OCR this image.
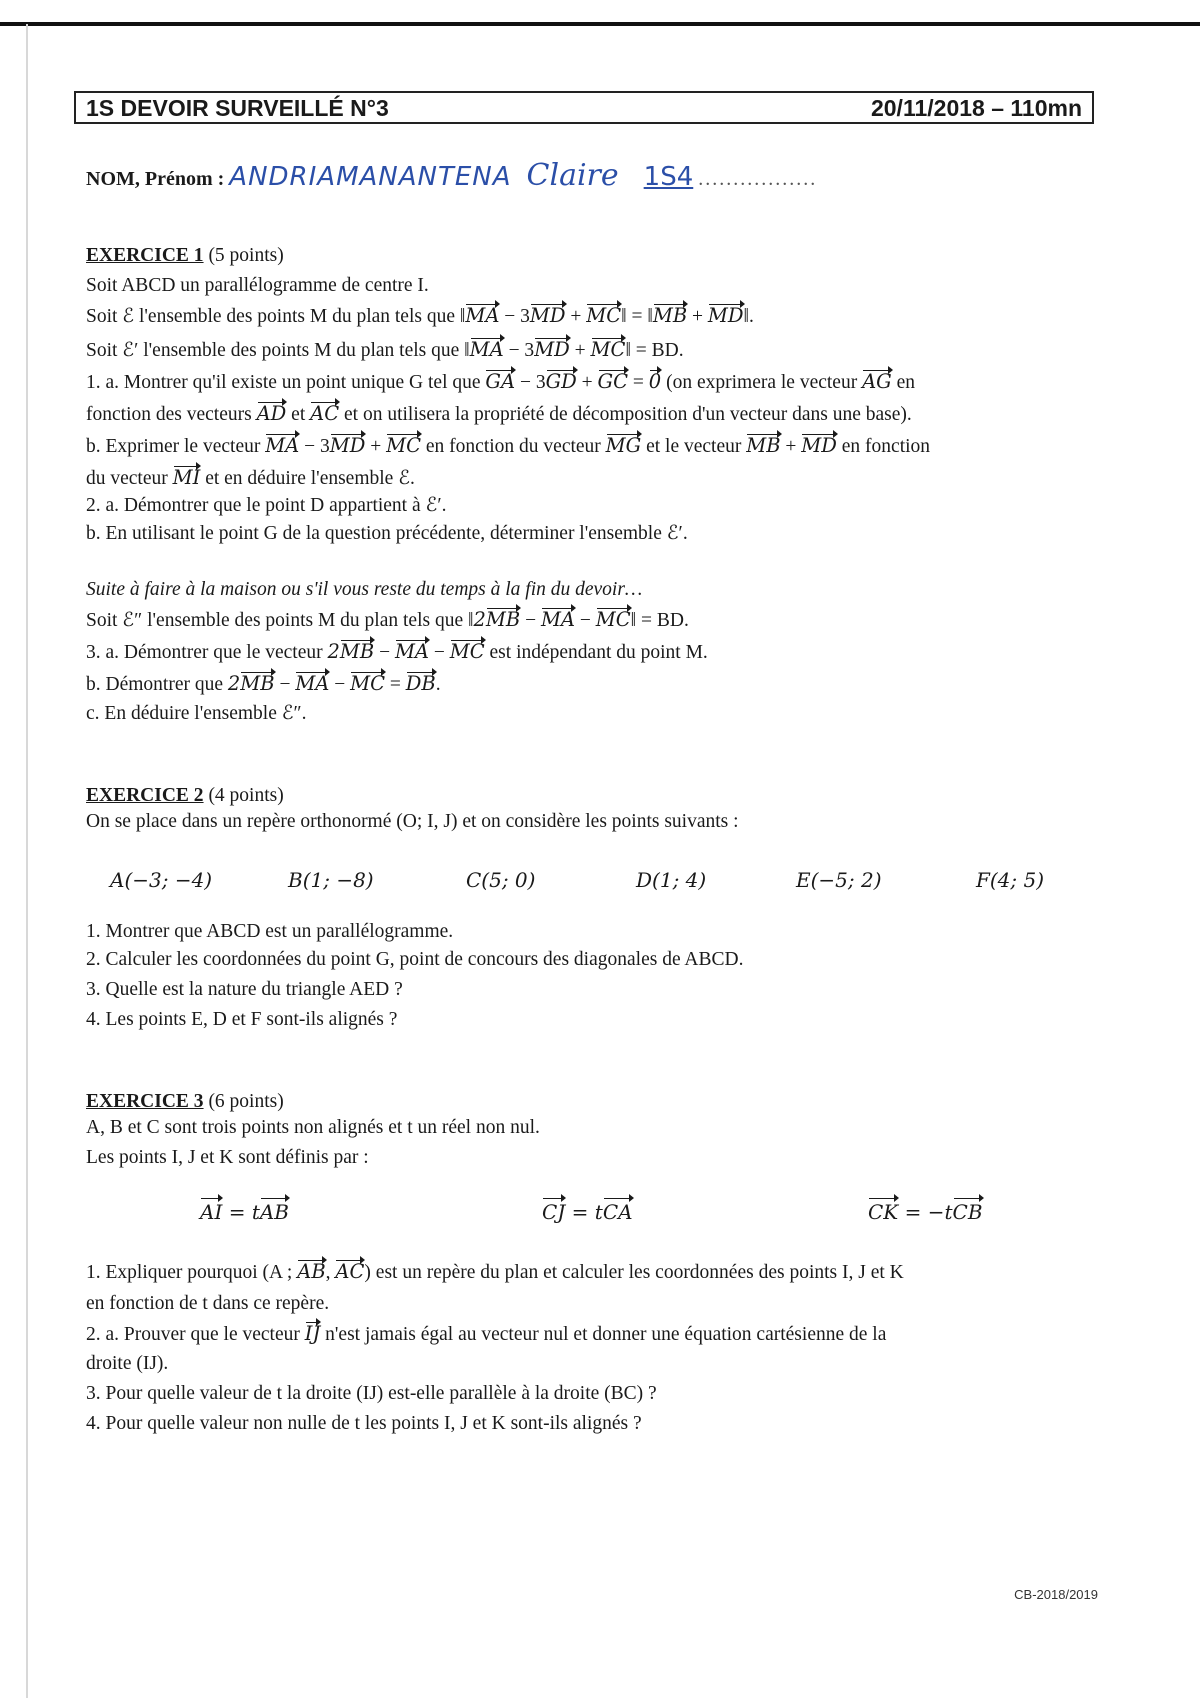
1S DEVOIR SURVEILLÉ N°3	20/11/2018 – 110mn
NOM, Prénom : ANDRIAMANANTENA Claire 1S4 .................
EXERCICE 1 (5 points)
Soit ABCD un parallélogramme de centre I.
Soit ℰ l'ensemble des points M du plan tels que ‖MA − 3MD + MC‖ = ‖MB + MD‖.
Soit ℰ′ l'ensemble des points M du plan tels que ‖MA − 3MD + MC‖ = BD.
1. a. Montrer qu'il existe un point unique G tel que GA − 3GD + GC = 0 (on exprimera le vecteur AG en
fonction des vecteurs AD et AC et on utilisera la propriété de décomposition d'un vecteur dans une base).
b. Exprimer le vecteur MA − 3MD + MC en fonction du vecteur MG et le vecteur MB + MD en fonction
du vecteur MI et en déduire l'ensemble ℰ.
2. a. Démontrer que le point D appartient à ℰ′.
b. En utilisant le point G de la question précédente, déterminer l'ensemble ℰ′.
Suite à faire à la maison ou s'il vous reste du temps à la fin du devoir…
Soit ℰ″ l'ensemble des points M du plan tels que ‖2MB − MA − MC‖ = BD.
3. a. Démontrer que le vecteur 2MB − MA − MC est indépendant du point M.
b. Démontrer que 2MB − MA − MC = DB.
c. En déduire l'ensemble ℰ″.
EXERCICE 2 (4 points)
On se place dans un repère orthonormé (O; I, J) et on considère les points suivants :
A(−3; −4)	B(1; −8)	C(5; 0)	D(1; 4)	E(−5; 2)	F(4; 5)
1. Montrer que ABCD est un parallélogramme.
2. Calculer les coordonnées du point G, point de concours des diagonales de ABCD.
3. Quelle est la nature du triangle AED ?
4. Les points E, D et F sont-ils alignés ?
EXERCICE 3 (6 points)
A, B et C sont trois points non alignés et t un réel non nul.
Les points I, J et K sont définis par :
AI = tAB	CJ = tCA	CK = −tCB
1. Expliquer pourquoi (A ; AB, AC) est un repère du plan et calculer les coordonnées des points I, J et K
en fonction de t dans ce repère.
2. a. Prouver que le vecteur IJ n'est jamais égal au vecteur nul et donner une équation cartésienne de la
droite (IJ).
3. Pour quelle valeur de t la droite (IJ) est-elle parallèle à la droite (BC) ?
4. Pour quelle valeur non nulle de t les points I, J et K sont-ils alignés ?
CB-2018/2019
